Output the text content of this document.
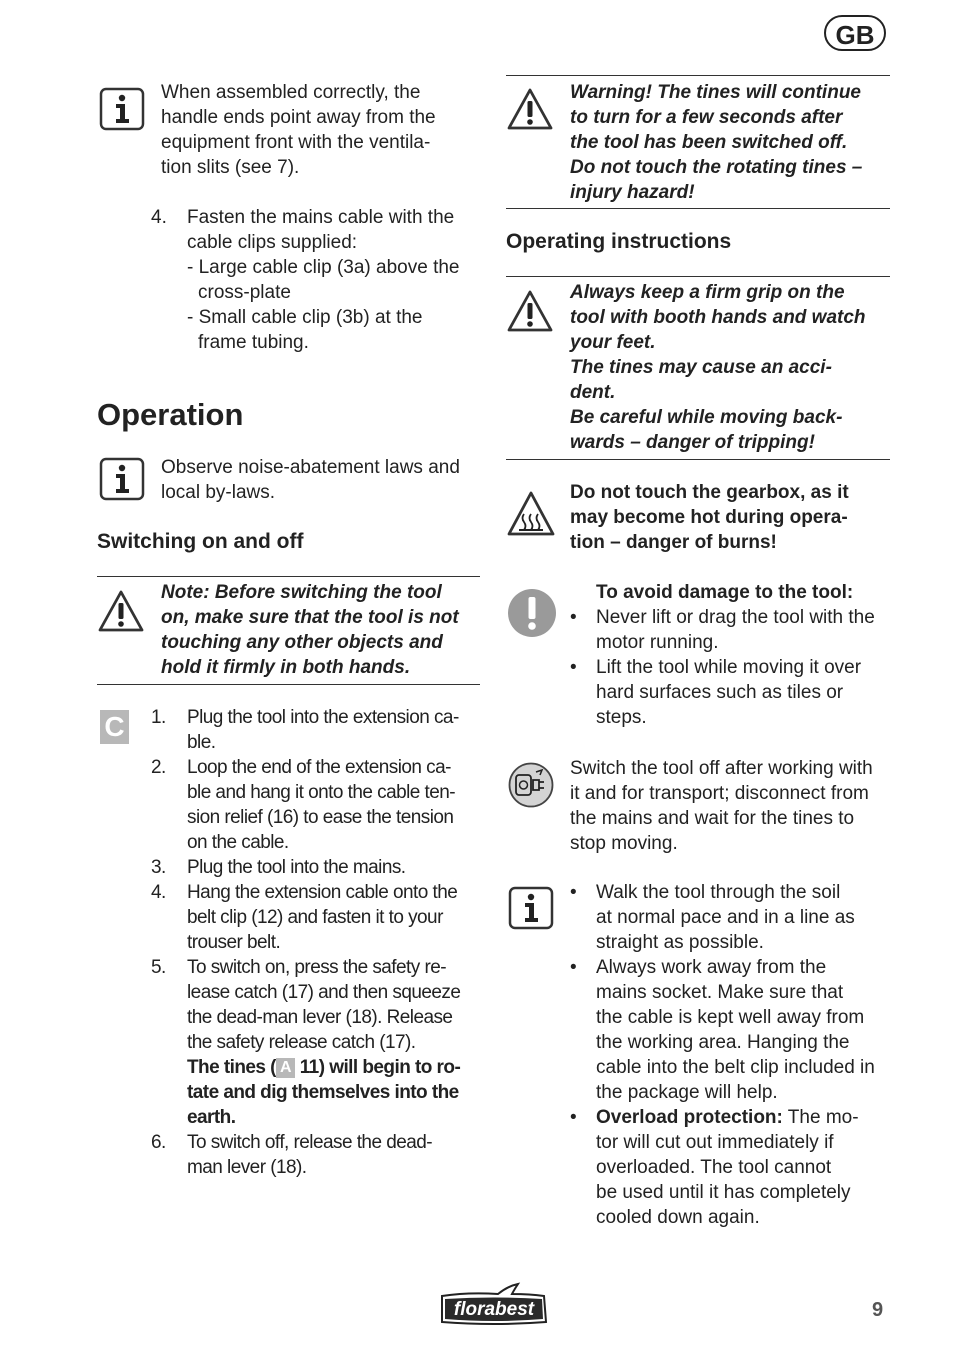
GB
When assembled correctly, the
handle ends point away from the
equipment front with the ventila-
tion slits (see 7).
4. Fasten the mains cable with the
cable clips supplied:
- Large cable clip (3a) above the
cross-plate
- Small cable clip (3b) at the
frame tubing.
Operation
Observe noise-abatement laws and
local by-laws.
Switching on and off
Note: Before switching the tool
on, make sure that the tool is not
touching any other objects and
hold it firmly in both hands.
C 1. Plug the tool into the extension ca-
ble.
2. Loop the end of the extension ca-
ble and hang it onto the cable ten-
sion relief (16) to ease the tension
on the cable.
3. Plug the tool into the mains.
4. Hang the extension cable onto the
belt clip (12) and fasten it to your
trouser belt.
5. To switch on, press the safety re-
lease catch (17) and then squeeze
the dead-man lever (18). Release
the safety release catch (17).
The tines ( A 11) will begin to ro-
tate and dig themselves into the
earth.
6. To switch off, release the dead-
man lever (18).
Warning! The tines will continue
to turn for a few seconds after
the tool has been switched off.
Do not touch the rotating tines –
injury hazard!
Operating instructions
Always keep a firm grip on the
tool with booth hands and watch
your feet.
The tines may cause an acci-
dent.
Be careful while moving back-
wards – danger of tripping!
Do not touch the gearbox, as it
may become hot during opera-
tion – danger of burns!
To avoid damage to the tool:
• Never lift or drag the tool with the
motor running.
• Lift the tool while moving it over
hard surfaces such as tiles or
steps.
Switch the tool off after working with
it and for transport; disconnect from
the mains and wait for the tines to
stop moving.
• Walk the tool through the soil
at normal pace and in a line as
straight as possible.
• Always work away from the
mains socket. Make sure that
the cable is kept well away from
the working area. Hanging the
cable into the belt clip included in
the package will help.
• Overload protection: The mo-
tor will cut out immediately if
overloaded. The tool cannot
be used until it has completely
cooled down again.
florabest	9
